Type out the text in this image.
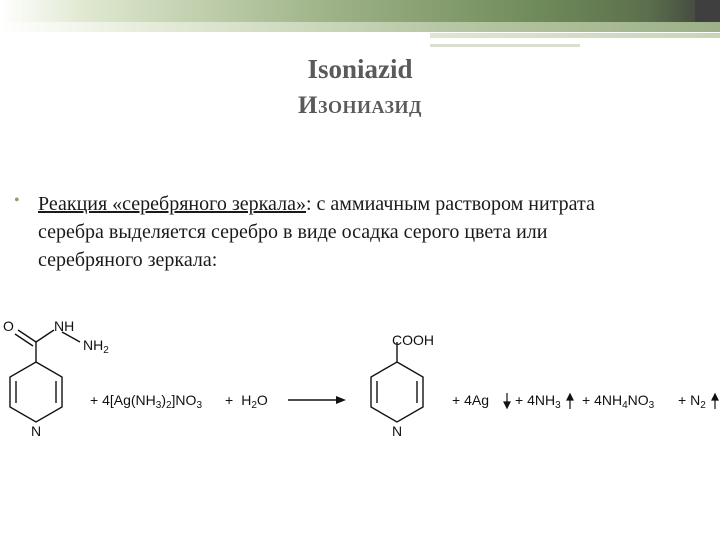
Isoniazid
Изониазид
• Реакция «серебряного зеркала»: с аммиачным раствором нитрата
серебра выделяется серебро в виде осадка серого цвета или
серебряного зеркала:
O	NH
$NH_2$
N
+ $4[Ag(NH_3)_2]NO_3 + H_2O$
COOH
N
+ $4Ag + 4NH_3 + 4NH_4NO_3 + N_2$
